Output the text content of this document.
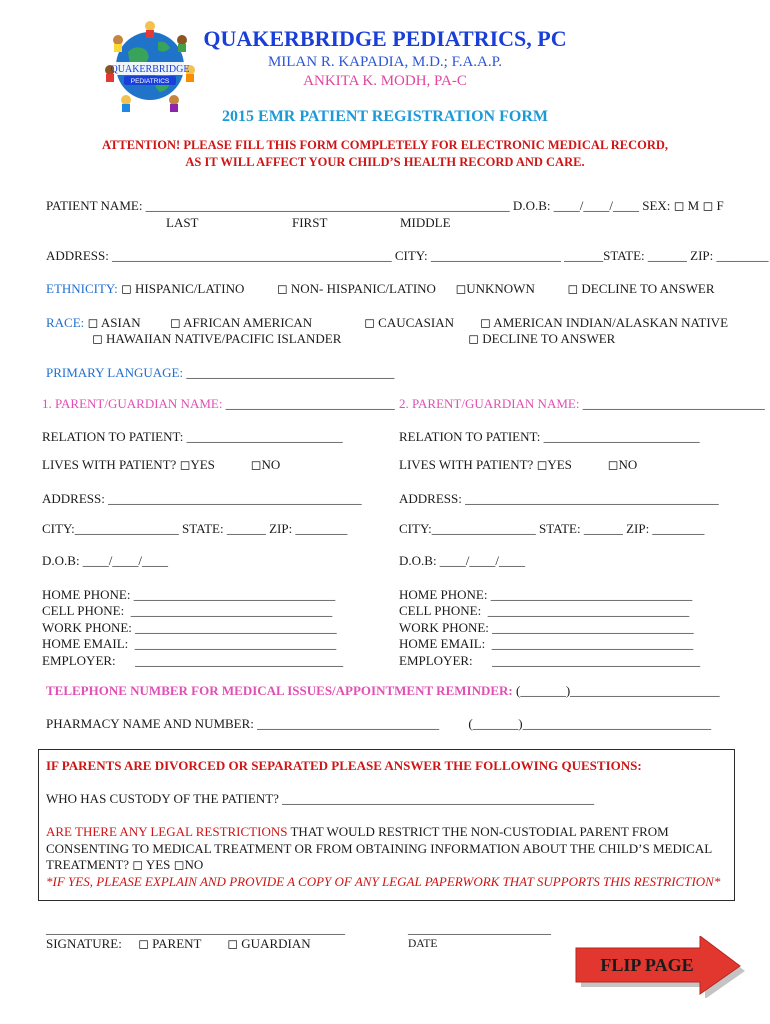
QUAKERBRIDGE
PEDIATRICS
QUAKERBRIDGE PEDIATRICS, PC
MILAN R. KAPADIA, M.D.; F.A.A.P.
ANKITA K. MODH, PA-C
2015 EMR PATIENT REGISTRATION FORM
ATTENTION! PLEASE FILL THIS FORM COMPLETELY FOR ELECTRONIC MEDICAL RECORD,
AS IT WILL AFFECT YOUR CHILD’S HEALTH RECORD AND CARE.
PATIENT NAME: ________________________________________________________ D.O.B: ____/____/____ SEX: ◻ M ◻ F
LAST	FIRST	MIDDLE
ADDRESS: ___________________________________________ CITY: ____________________ ______STATE: ______ ZIP: ________
ETHNICITY: ◻ HISPANIC/LATINO          ◻ NON- HISPANIC/LATINO      ◻UNKNOWN          ◻ DECLINE TO ANSWER
RACE: ◻ ASIAN         ◻ AFRICAN AMERICAN                ◻ CAUCASIAN        ◻ AMERICAN INDIAN/ALASKAN NATIVE
◻ HAWAIIAN NATIVE/PACIFIC ISLANDER                                       ◻ DECLINE TO ANSWER
PRIMARY LANGUAGE: ________________________________
1. PARENT/GUARDIAN NAME: __________________________
RELATION TO PATIENT: ________________________
LIVES WITH PATIENT? ◻YES           ◻NO
ADDRESS: _______________________________________
CITY:________________ STATE: ______ ZIP: ________
D.O.B: ____/____/____
HOME PHONE: _______________________________
CELL PHONE:  _______________________________
WORK PHONE: _______________________________
HOME EMAIL:  _______________________________
EMPLOYER:      ________________________________
2. PARENT/GUARDIAN NAME: ____________________________
RELATION TO PATIENT: ________________________
LIVES WITH PATIENT? ◻YES           ◻NO
ADDRESS: _______________________________________
CITY:________________ STATE: ______ ZIP: ________
D.O.B: ____/____/____
HOME PHONE: _______________________________
CELL PHONE:  _______________________________
WORK PHONE: _______________________________
HOME EMAIL:  _______________________________
EMPLOYER:      ________________________________
TELEPHONE NUMBER FOR MEDICAL ISSUES/APPOINTMENT REMINDER: (_______)_______________________
PHARMACY NAME AND NUMBER: ____________________________         (_______)_____________________________
IF PARENTS ARE DIVORCED OR SEPARATED PLEASE ANSWER THE FOLLOWING QUESTIONS:
WHO HAS CUSTODY OF THE PATIENT? ________________________________________________
ARE THERE ANY LEGAL RESTRICTIONS THAT WOULD RESTRICT THE NON-CUSTODIAL PARENT FROM
CONSENTING TO MEDICAL TREATMENT OR FROM OBTAINING INFORMATION ABOUT THE CHILD’S MEDICAL
TREATMENT? ◻ YES ◻NO
*IF YES, PLEASE EXPLAIN AND PROVIDE A COPY OF ANY LEGAL PAPERWORK THAT SUPPORTS THIS RESTRICTION*
______________________________________________	______________________
SIGNATURE:     ◻ PARENT        ◻ GUARDIAN	DATE
FLIP PAGE
